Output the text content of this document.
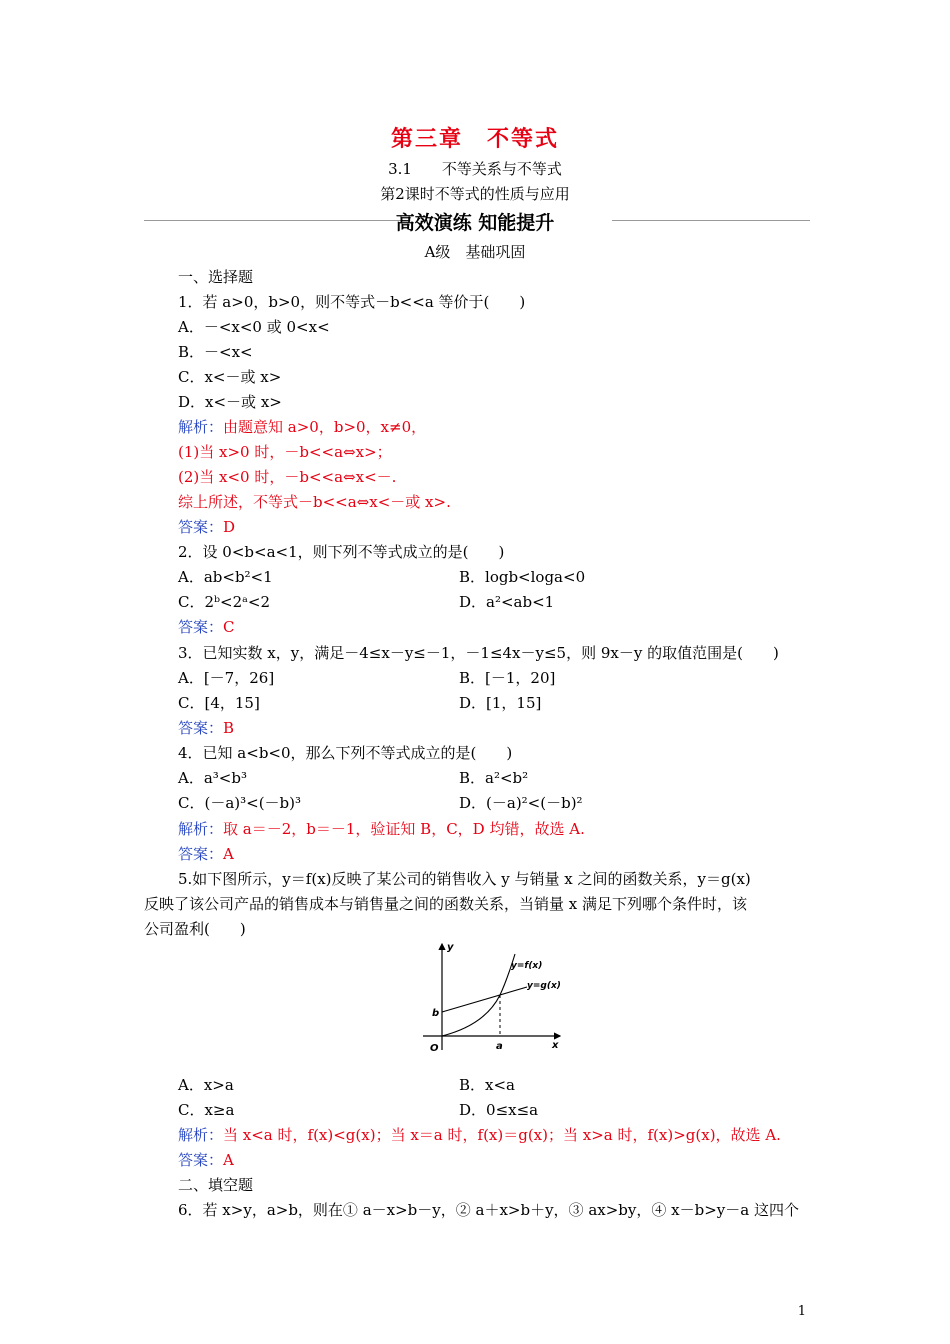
第三章　不等式
3.1　　不等关系与不等式
第2课时不等式的性质与应用
高效演练 知能提升
A级　基础巩固
一、选择题
1．若 a>0，b>0，则不等式－b<<a 等价于(　　)
A．－<x<0 或 0<x<
B．－<x<
C．x<－或 x>
D．x<－或 x>
解析：由题意知 a>0，b>0，x≠0，
(1)当 x>0 时，－b<<a⇔x>；
(2)当 x<0 时，－b<<a⇔x<－.
综上所述，不等式－b<<a⇔x<－或 x>.
答案：D
2．设 0<b<a<1，则下列不等式成立的是(　　)
A．ab<b²<1	B．logb<loga<0
C．2ᵇ<2ᵃ<2	D．a²<ab<1
答案：C
3．已知实数 x，y，满足－4≤x－y≤－1，－1≤4x－y≤5，则 9x－y 的取值范围是(　　)
A．[－7，26]	B．[－1，20]
C．[4，15]	D．[1，15]
答案：B
4．已知 a<b<0，那么下列不等式成立的是(　　)
A．a³<b³	B．a²<b²
C．(－a)³<(－b)³	D．(－a)²<(－b)²
解析：取 a＝－2，b＝－1，验证知 B，C，D 均错，故选 A.
答案：A
5.如下图所示，y＝f(x)反映了某公司的销售收入 y 与销量 x 之间的函数关系，y＝g(x)
反映了该公司产品的销售成本与销售量之间的函数关系，当销量 x 满足下列哪个条件时，该
公司盈利(　　)
y
x
O
b
a
y=f(x)
y=g(x)
A．x>a	B．x<a
C．x≥a	D．0≤x≤a
解析：当 x<a 时，f(x)<g(x)；当 x＝a 时，f(x)＝g(x)；当 x>a 时，f(x)>g(x)，故选 A.
答案：A
二、填空题
6．若 x>y，a>b，则在① a－x>b－y，② a＋x>b＋y，③ ax>by，④ x－b>y－a 这四个
1
